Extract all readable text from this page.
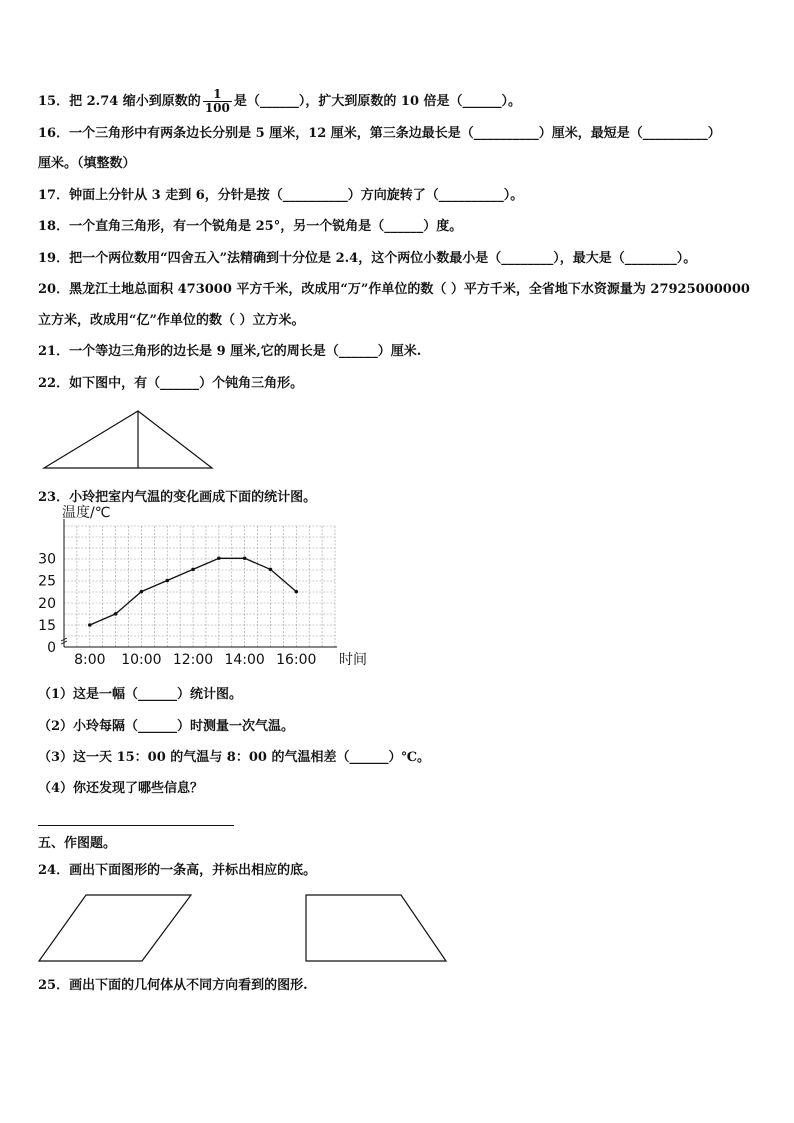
15．把 2.74 缩小到原数的 $\frac{1}{100}$ 是（______），扩大到原数的 10 倍是（______）。
16．一个三角形中有两条边长分别是 5 厘米，12 厘米，第三条边最长是（__________）厘米，最短是（__________）
厘米。（填整数）
17．钟面上分针从 3 走到 6，分针是按（__________）方向旋转了（__________）。
18．一个直角三角形，有一个锐角是 25°，另一个锐角是（______）度。
19．把一个两位数用“四舍五入”法精确到十分位是 2.4，这个两位小数最小是（________），最大是（________）。
20．黑龙江土地总面积 473000 平方千米，改成用“万”作单位的数（ ）平方千米，全省地下水资源量为 27925000000
立方米，改成用“亿”作单位的数（ ）立方米。
21．一个等边三角形的边长是 9 厘米,它的周长是（______）厘米.
22．如下图中，有（______）个钝角三角形。
23．小玲把室内气温的变化画成下面的统计图。
温度/℃
时间
0
15
20
25
30
8:00 10:00 12:00 14:00 16:00
（1）这是一幅（______）统计图。
（2）小玲每隔（______）时测量一次气温。
（3）这一天 15：00 的气温与 8：00 的气温相差（______）℃。
（4）你还发现了哪些信息？
五、作图题。
24．画出下面图形的一条高，并标出相应的底。
25．画出下面的几何体从不同方向看到的图形.
